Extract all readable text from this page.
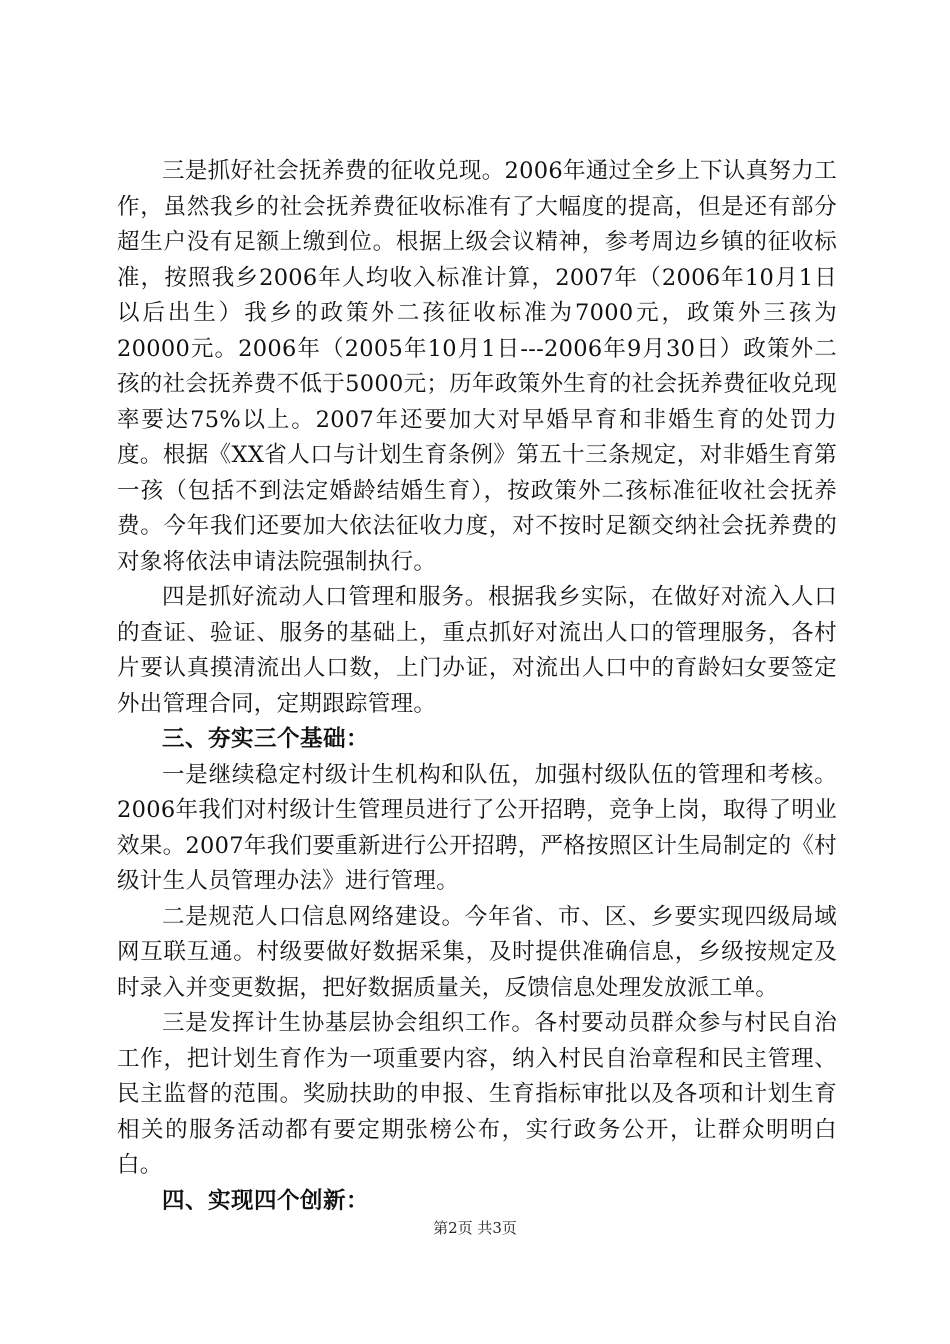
三是抓好社会抚养费的征收兑现。2006年通过全乡上下认真努力工作，虽然我乡的社会抚养费征收标准有了大幅度的提高，但是还有部分超生户没有足额上缴到位。根据上级会议精神，参考周边乡镇的征收标准，按照我乡2006年人均收入标准计算，2007年（2006年10月1日以后出生）我乡的政策外二孩征收标准为7000元，政策外三孩为20000元。2006年（2005年10月1日---2006年9月30日）政策外二孩的社会抚养费不低于5000元；历年政策外生育的社会抚养费征收兑现率要达75%以上。2007年还要加大对早婚早育和非婚生育的处罚力度。根据《XX省人口与计划生育条例》第五十三条规定，对非婚生育第一孩（包括不到法定婚龄结婚生育），按政策外二孩标准征收社会抚养费。今年我们还要加大依法征收力度，对不按时足额交纳社会抚养费的对象将依法申请法院强制执行。

四是抓好流动人口管理和服务。根据我乡实际，在做好对流入人口的查证、验证、服务的基础上，重点抓好对流出人口的管理服务，各村片要认真摸清流出人口数，上门办证，对流出人口中的育龄妇女要签定外出管理合同，定期跟踪管理。

三、夯实三个基础：

一是继续稳定村级计生机构和队伍，加强村级队伍的管理和考核。2006年我们对村级计生管理员进行了公开招聘，竞争上岗，取得了明业效果。2007年我们要重新进行公开招聘，严格按照区计生局制定的《村级计生人员管理办法》进行管理。

二是规范人口信息网络建设。今年省、市、区、乡要实现四级局域网互联互通。村级要做好数据采集，及时提供准确信息，乡级按规定及时录入并变更数据，把好数据质量关，反馈信息处理发放派工单。

三是发挥计生协基层协会组织工作。各村要动员群众参与村民自治工作，把计划生育作为一项重要内容，纳入村民自治章程和民主管理、民主监督的范围。奖励扶助的申报、生育指标审批以及各项和计划生育相关的服务活动都有要定期张榜公布，实行政务公开，让群众明明白白。

四、实现四个创新：

第2页 共3页
